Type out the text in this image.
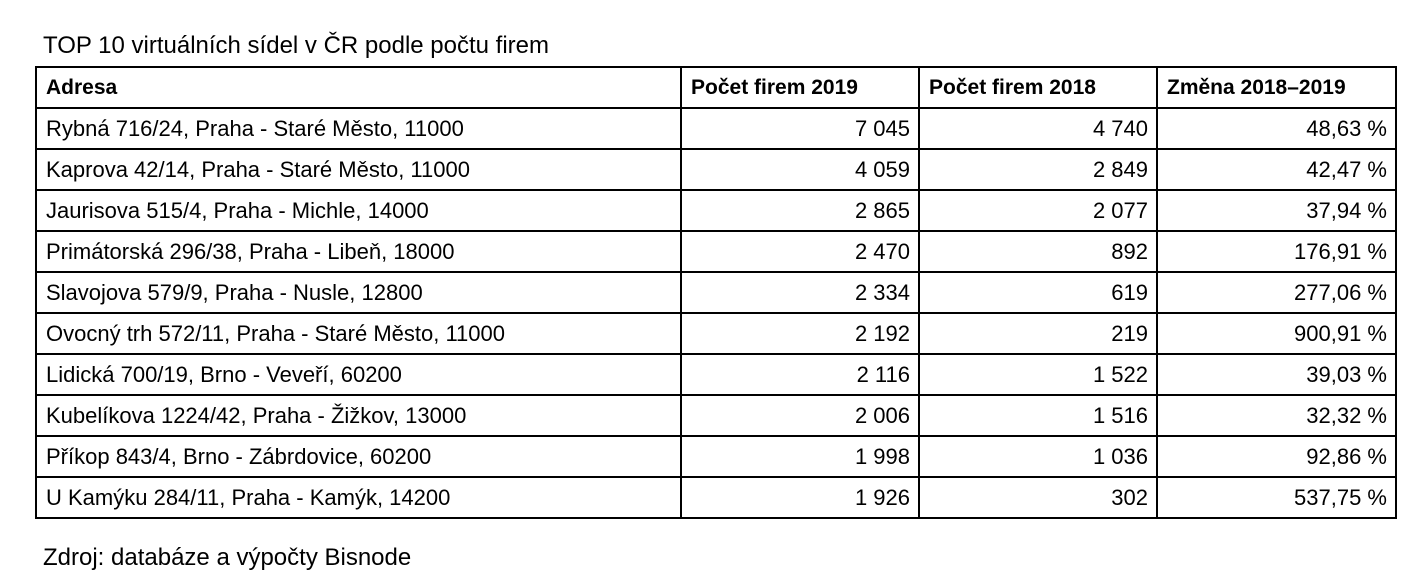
TOP 10 virtuálních sídel v ČR podle počtu firem
Adresa	Počet firem 2019	Počet firem 2018	Změna 2018–2019
Rybná 716/24, Praha - Staré Město, 11000	7 045	4 740	48,63 %
Kaprova 42/14, Praha - Staré Město, 11000	4 059	2 849	42,47 %
Jaurisova 515/4, Praha - Michle, 14000	2 865	2 077	37,94 %
Primátorská 296/38, Praha - Libeň, 18000	2 470	892	176,91 %
Slavojova 579/9, Praha - Nusle, 12800	2 334	619	277,06 %
Ovocný trh 572/11, Praha - Staré Město, 11000	2 192	219	900,91 %
Lidická 700/19, Brno - Veveří, 60200	2 116	1 522	39,03 %
Kubelíkova 1224/42, Praha - Žižkov, 13000	2 006	1 516	32,32 %
Příkop 843/4, Brno - Zábrdovice, 60200	1 998	1 036	92,86 %
U Kamýku 284/11, Praha - Kamýk, 14200	1 926	302	537,75 %
Zdroj: databáze a výpočty Bisnode
